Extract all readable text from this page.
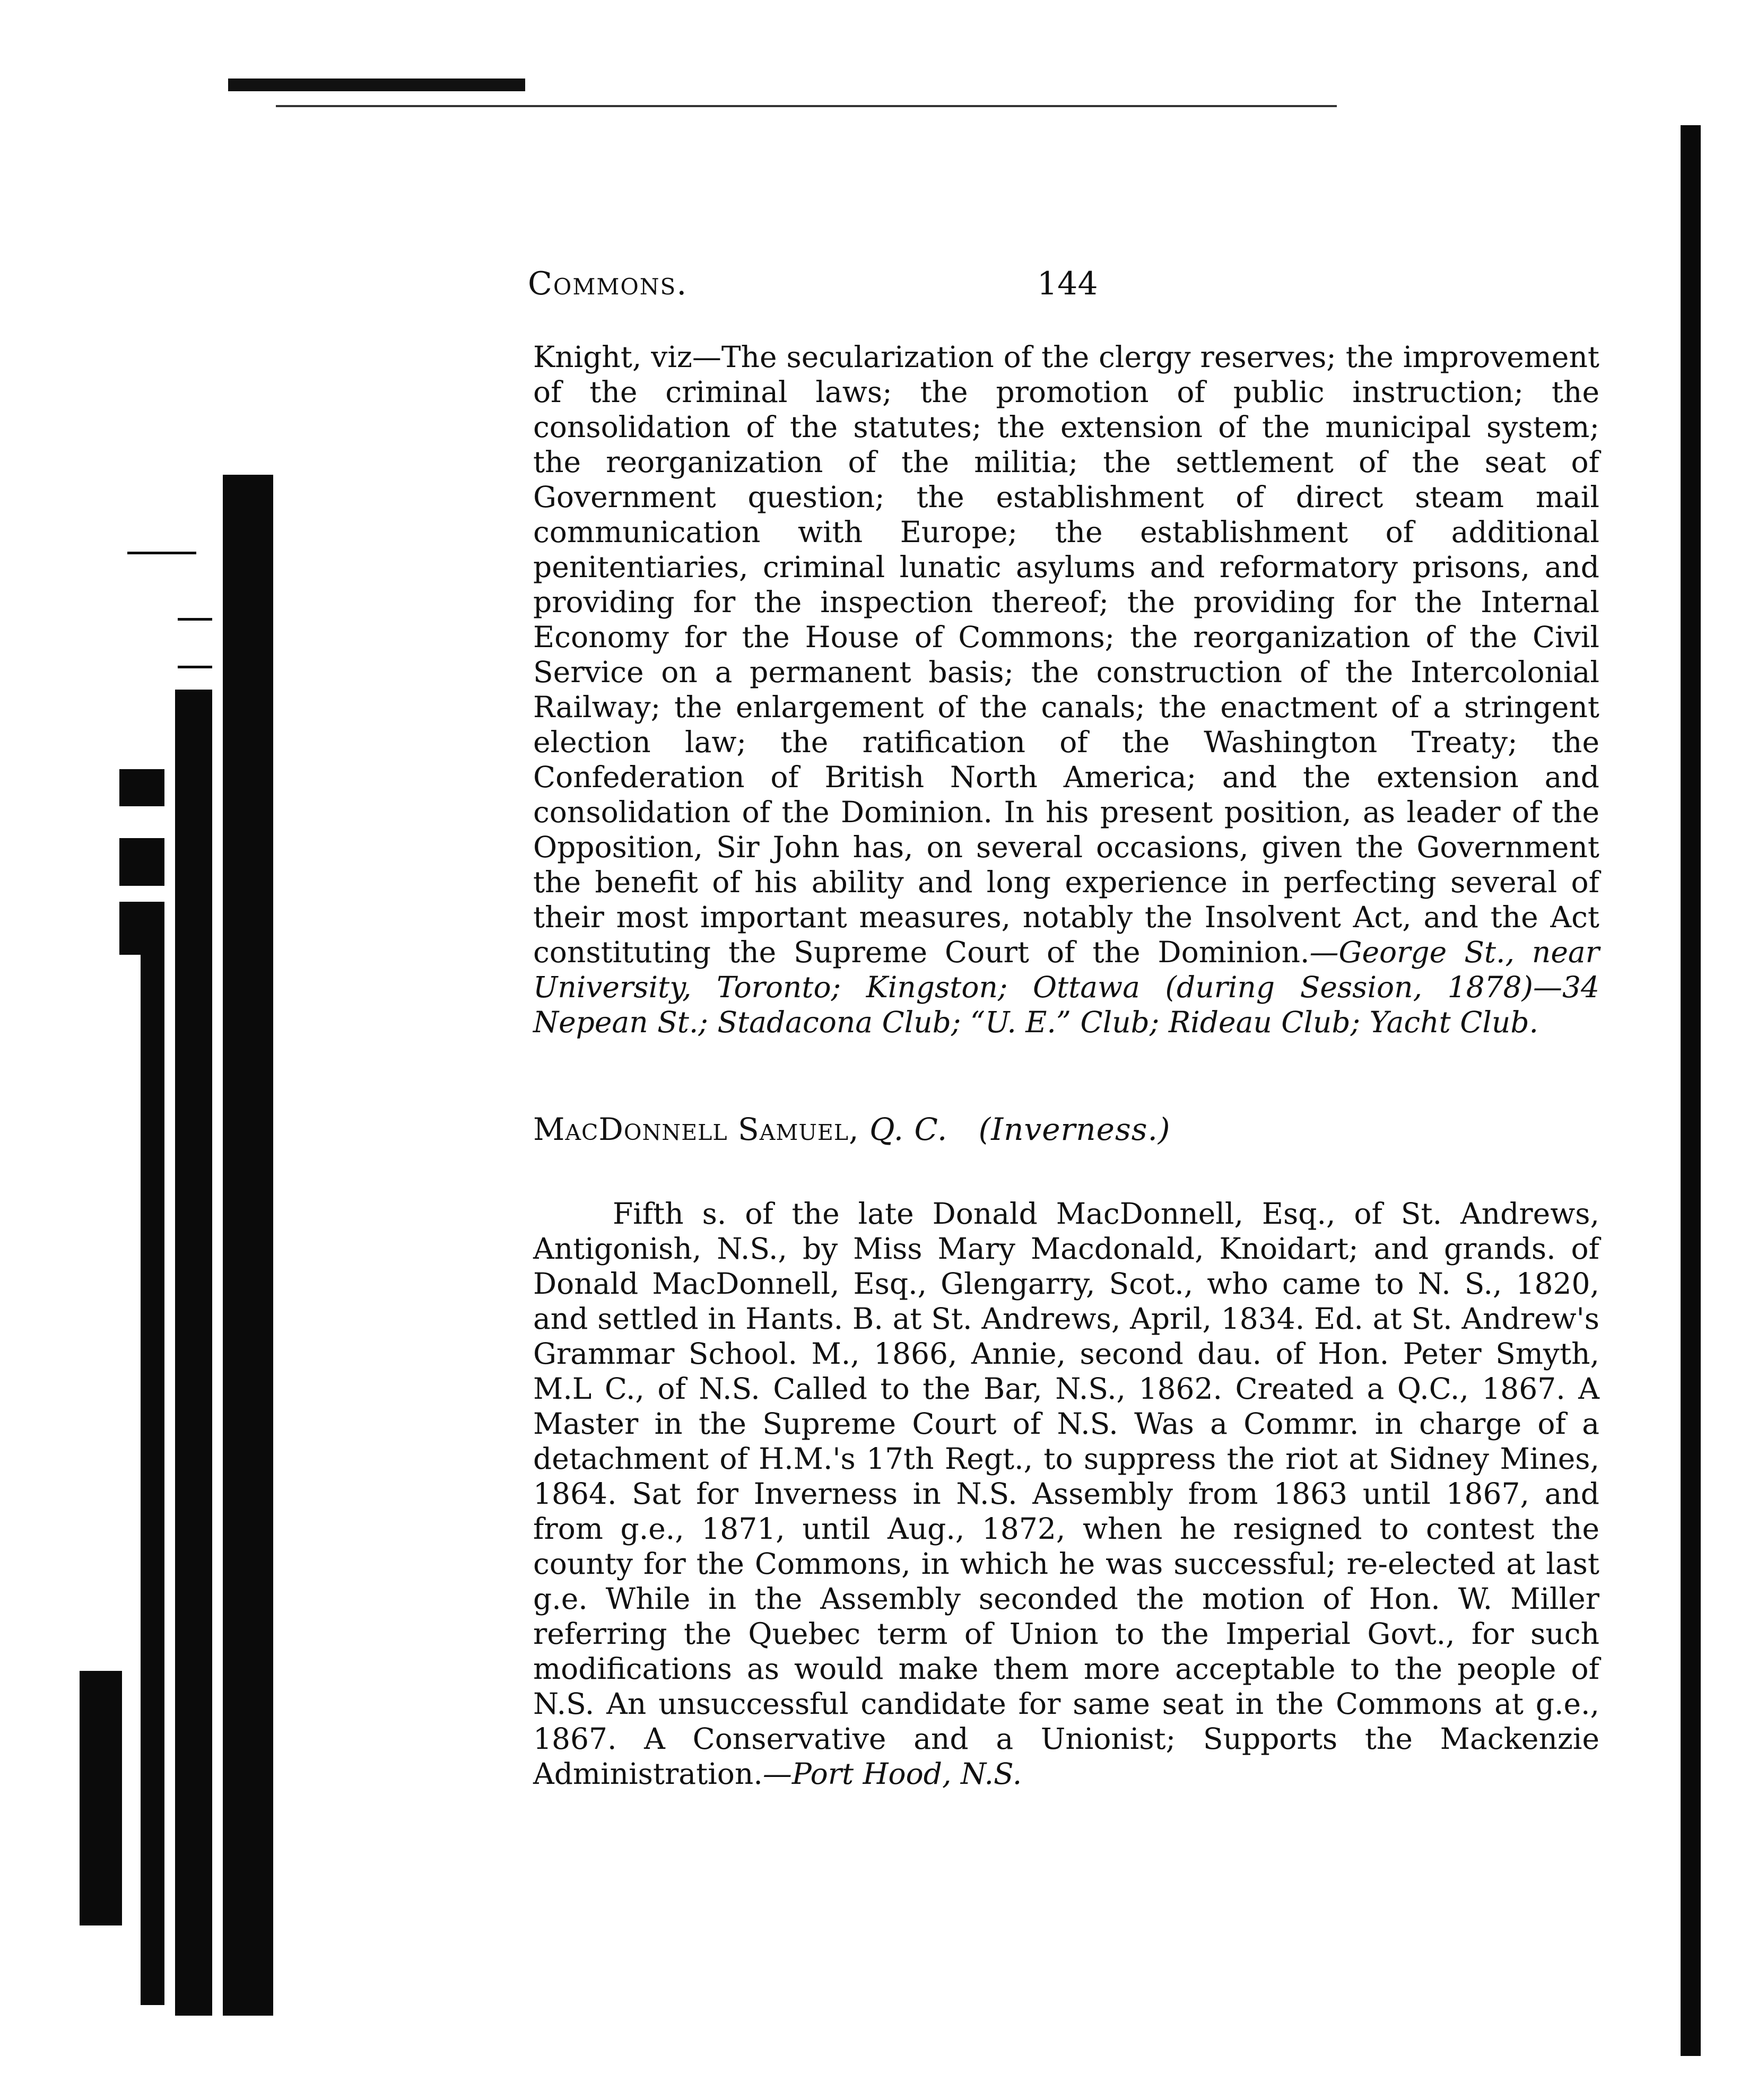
Commons.	144
Knight, viz—The secularization of the clergy reserves; the improvement of the criminal laws; the promotion of public instruction; the consolidation of the statutes; the extension of the municipal system; the reorganization of the militia; the settlement of the seat of Government question; the establishment of direct steam mail communication with Europe; the establishment of additional penitentiaries, criminal lunatic asylums and reformatory prisons, and providing for the inspection thereof; the providing for the Internal Economy for the House of Commons; the reorganization of the Civil Service on a permanent basis; the construction of the Intercolonial Railway; the enlargement of the canals; the enactment of a stringent election law; the ratification of the Washington Treaty; the Confederation of British North America; and the extension and consolidation of the Dominion. In his present position, as leader of the Opposition, Sir John has, on several occasions, given the Government the benefit of his ability and long experience in perfecting several of their most important measures, notably the Insolvent Act, and the Act constituting the Supreme Court of the Dominion.—George St., near University, Toronto; Kingston; Ottawa (during Session, 1878)—34 Nepean St.; Stadacona Club; “U. E.” Club; Rideau Club; Yacht Club.
MacDonnell Samuel, Q. C. (Inverness.)
Fifth s. of the late Donald MacDonnell, Esq., of St. Andrews, Antigonish, N.S., by Miss Mary Macdonald, Knoidart; and grands. of Donald MacDonnell, Esq., Glengarry, Scot., who came to N. S., 1820, and settled in Hants. B. at St. Andrews, April, 1834. Ed. at St. Andrew's Grammar School. M., 1866, Annie, second dau. of Hon. Peter Smyth, M.L C., of N.S. Called to the Bar, N.S., 1862. Created a Q.C., 1867. A Master in the Supreme Court of N.S. Was a Commr. in charge of a detachment of H.M.'s 17th Regt., to suppress the riot at Sidney Mines, 1864. Sat for Inverness in N.S. Assembly from 1863 until 1867, and from g.e., 1871, until Aug., 1872, when he resigned to contest the county for the Commons, in which he was successful; re-elected at last g.e. While in the Assembly seconded the motion of Hon. W. Miller referring the Quebec term of Union to the Imperial Govt., for such modifications as would make them more acceptable to the people of N.S. An unsuccessful candidate for same seat in the Commons at g.e., 1867. A Conservative and a Unionist; Supports the Mackenzie Administration.—Port Hood, N.S.
